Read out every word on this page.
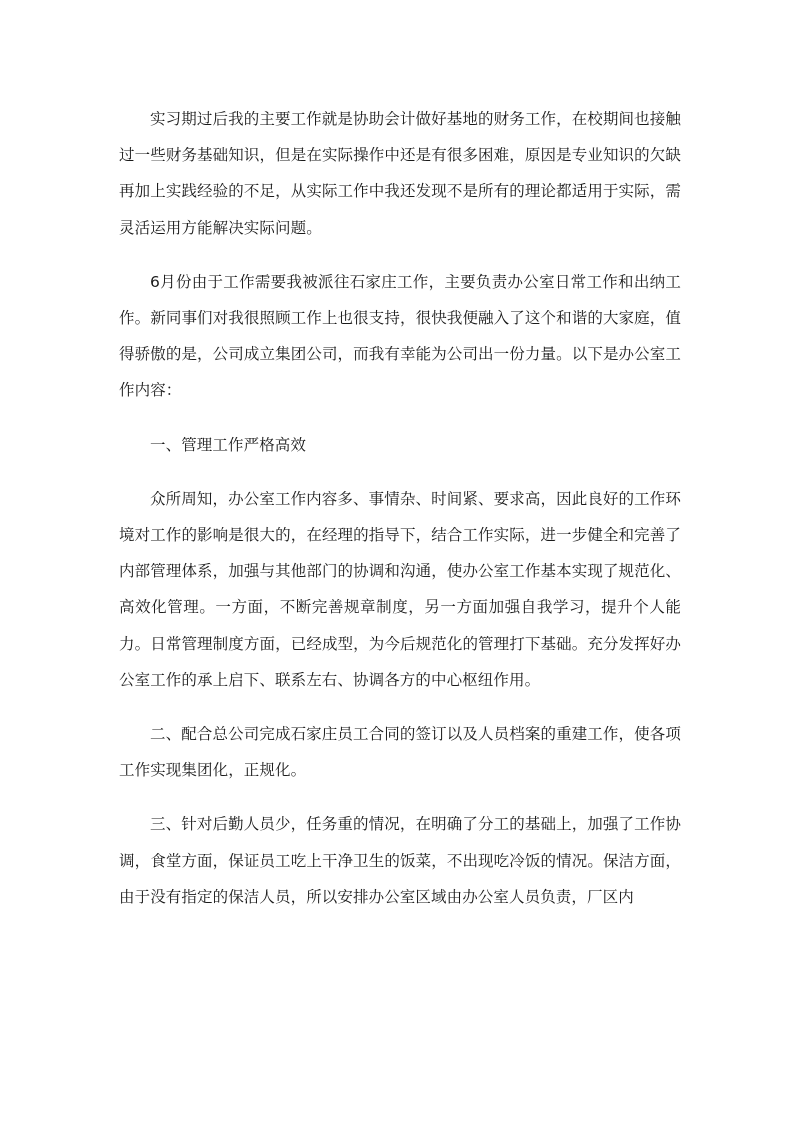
实习期过后我的主要工作就是协助会计做好基地的财务工作，在校期间也接触过一些财务基础知识，但是在实际操作中还是有很多困难，原因是专业知识的欠缺再加上实践经验的不足，从实际工作中我还发现不是所有的理论都适用于实际，需灵活运用方能解决实际问题。

6月份由于工作需要我被派往石家庄工作，主要负责办公室日常工作和出纳工作。新同事们对我很照顾工作上也很支持，很快我便融入了这个和谐的大家庭，值得骄傲的是，公司成立集团公司，而我有幸能为公司出一份力量。以下是办公室工作内容：

一、管理工作严格高效

众所周知，办公室工作内容多、事情杂、时间紧、要求高，因此良好的工作环境对工作的影响是很大的，在经理的指导下，结合工作实际，进一步健全和完善了内部管理体系，加强与其他部门的协调和沟通，使办公室工作基本实现了规范化、高效化管理。一方面，不断完善规章制度，另一方面加强自我学习，提升个人能力。日常管理制度方面，已经成型，为今后规范化的管理打下基础。充分发挥好办公室工作的承上启下、联系左右、协调各方的中心枢纽作用。

二、配合总公司完成石家庄员工合同的签订以及人员档案的重建工作，使各项工作实现集团化，正规化。

三、针对后勤人员少，任务重的情况，在明确了分工的基础上，加强了工作协调，食堂方面，保证员工吃上干净卫生的饭菜，不出现吃冷饭的情况。保洁方面，由于没有指定的保洁人员，所以安排办公室区域由办公室人员负责，厂区内
